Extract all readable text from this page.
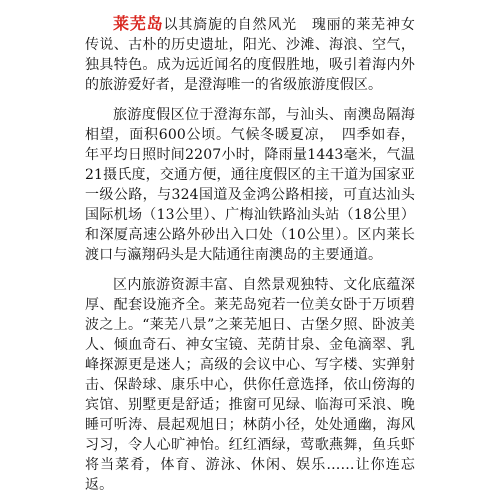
莱芜岛以其旖旎的自然风光　瑰丽的莱芜神女传说、古朴的历史遗址，阳光、沙滩、海浪、空气，独具特色。成为远近闻名的度假胜地，吸引着海内外的旅游爱好者，是澄海唯一的省级旅游度假区。

旅游度假区位于澄海东部，与汕头、南澳岛隔海相望，面积600公顷。气候冬暖夏凉，　四季如春，年平均日照时间2207小时，降雨量1443毫米，气温21摄氏度，交通方便，通往度假区的主干道为国家亚一级公路，与324国道及金鸿公路相接，可直达汕头国际机场（13公里）、广梅汕铁路汕头站（18公里）和深厦高速公路外砂出入口处（10公里）。区内莱长渡口与瀛翔码头是大陆通往南澳岛的主要通道。

区内旅游资源丰富、自然景观独特、文化底蕴深厚、配套设施齐全。莱芜岛宛若一位美女卧于万顷碧波之上。“莱芜八景”之莱芜旭日、古堡夕照、卧波美人、倾血奇石、神女宝镜、芜荫甘泉、金龟滴翠、乳峰探源更是迷人；高级的会议中心、写字楼、实弹射击、保龄球、康乐中心，供你任意选择，依山傍海的宾馆、别墅更是舒适；推窗可见绿、临海可采浪、晚睡可听涛、晨起观旭日；林荫小径，处处通幽，海风习习，令人心旷神怡。红红酒绿，莺歌燕舞，鱼兵虾将当菜肴，体育、游泳、休闲、娱乐……让你连忘返。
